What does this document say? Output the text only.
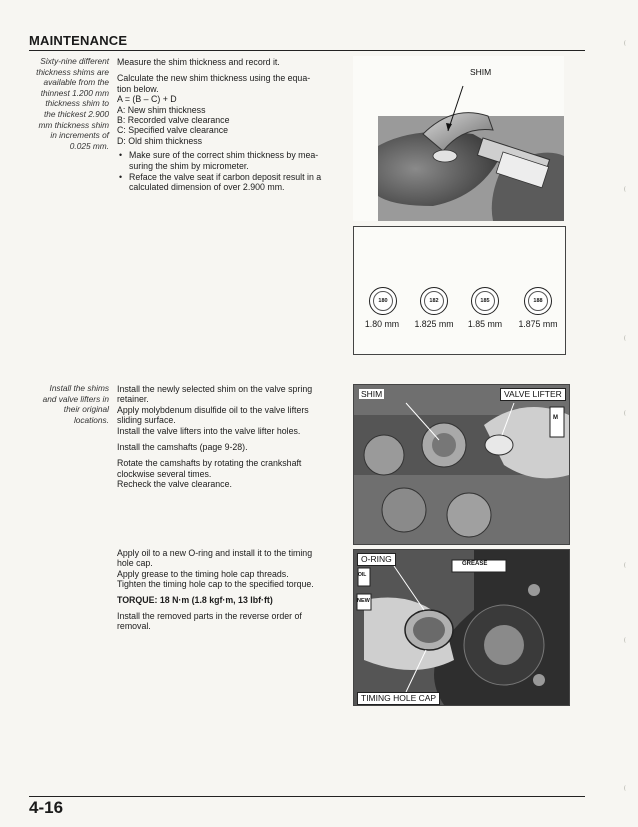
MAINTENANCE
Sixty-nine different
thickness shims are
available from the
thinnest 1.200 mm
thickness shim to
the thickest 2.900
mm thickness shim
in increments of
0.025 mm.

Measure the shim thickness and record it.

Calculate the new shim thickness using the equa-
tion below.
A = (B – C) + D
A: New shim thickness
B: Recorded valve clearance
C: Specified valve clearance
D: Old shim thickness

• Make sure of the correct shim thickness by mea-
suring the shim by micrometer.
• Reface the valve seat if carbon deposit result in a
calculated dimension of over 2.900 mm.
SHIM
180	182	185	188
1.80 mm	1.825 mm	1.85 mm	1.875 mm
Install the shims
and valve lifters in
their original
locations.

Install the newly selected shim on the valve spring
retainer.
Apply molybdenum disulfide oil to the valve lifters
sliding surface.
Install the valve lifters into the valve lifter holes.

Install the camshafts (page 9-28).

Rotate the camshafts by rotating the crankshaft
clockwise several times.
Recheck the valve clearance.

SHIM	VALVE LIFTER
M

Apply oil to a new O-ring and install it to the timing
hole cap.
Apply grease to the timing hole cap threads.
Tighten the timing hole cap to the specified torque.

TORQUE: 18 N·m (1.8 kgf·m, 13 lbf·ft)

Install the removed parts in the reverse order of
removal.

O-RING	GREASE
OIL
NEW
TIMING HOLE CAP
4-16
